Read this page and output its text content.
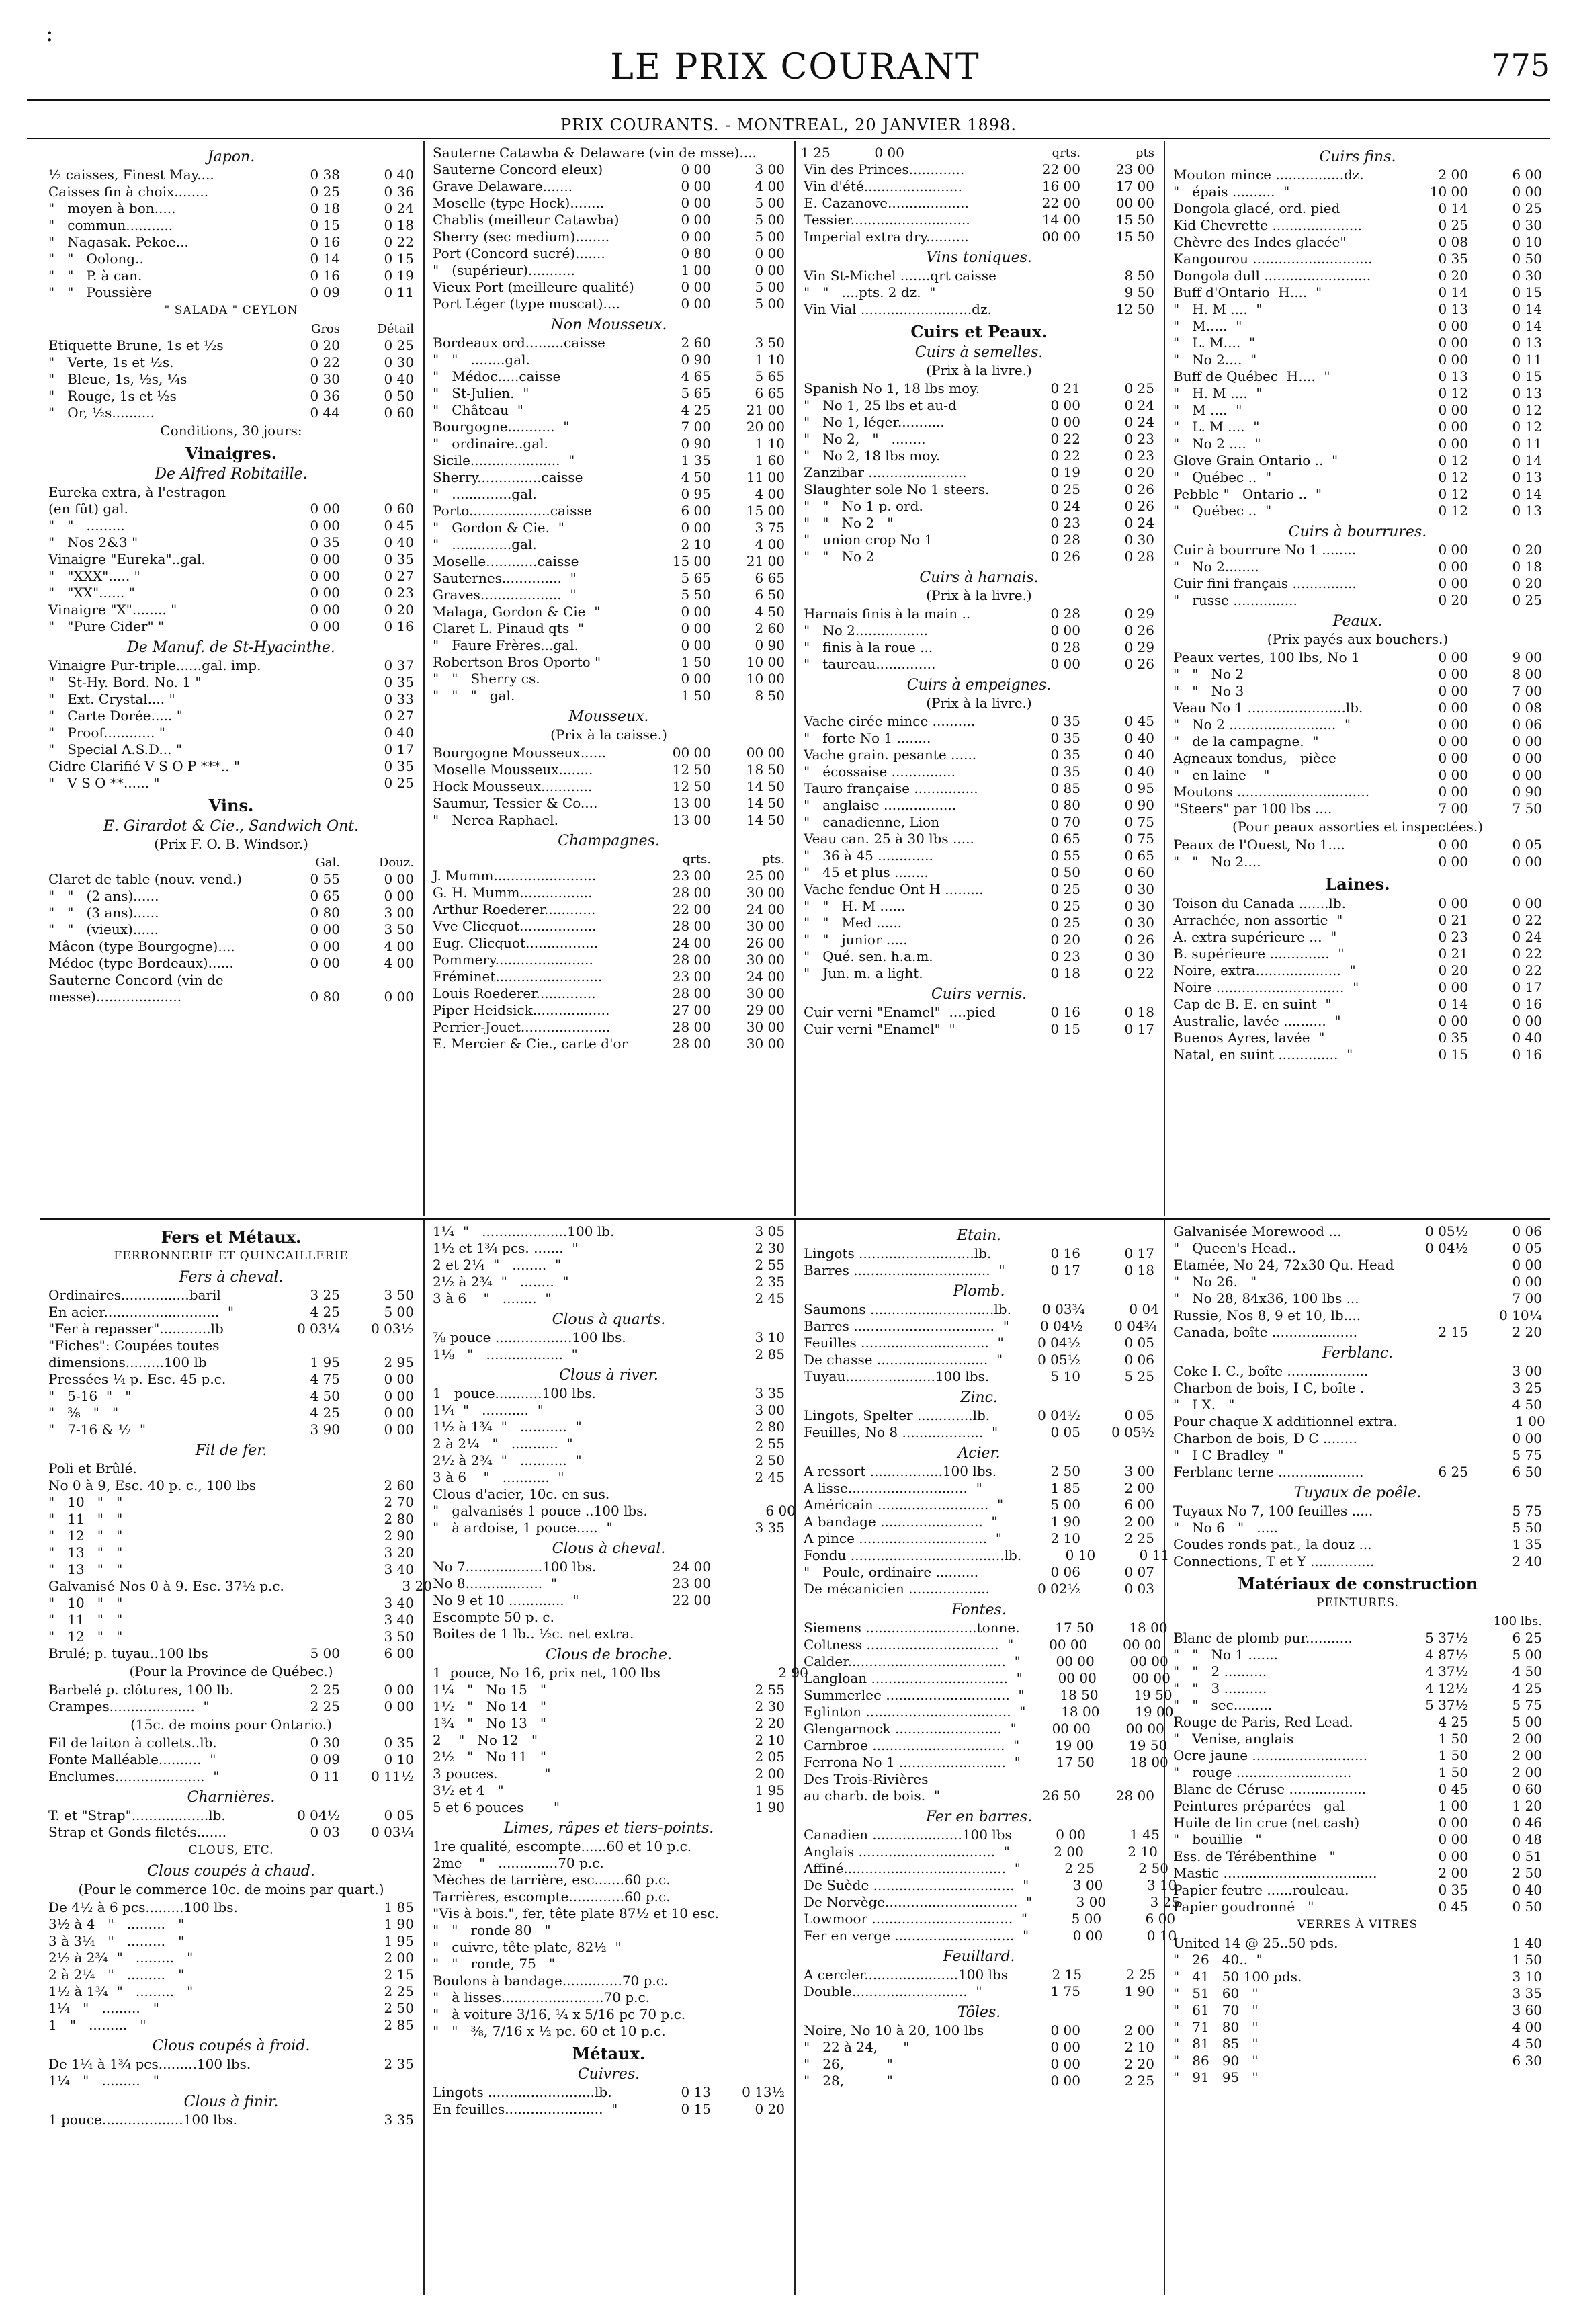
:
LE PRIX COURANT	775
PRIX COURANTS. - MONTREAL, 20 JANVIER 1898.
Japon.
½ caisses, Finest May....	0 38	0 40
Caisses fin à choix........	0 25	0 36
"   moyen à bon.....	0 18	0 24
"   commun...........	0 15	0 18
"   Nagasak. Pekoe...	0 16	0 22
"   "   Oolong..	0 14	0 15
"   "   P. à can.	0 16	0 19
"   "   Poussière	0 09	0 11
" SALADA " CEYLON
Gros	Détail
Etiquette Brune, 1s et ½s	0 20	0 25
"   Verte, 1s et ½s.	0 22	0 30
"   Bleue, 1s, ½s, ¼s	0 30	0 40
"   Rouge, 1s et ½s	0 36	0 50
"   Or, ½s..........	0 44	0 60
Conditions, 30 jours:
Vinaigres.
De Alfred Robitaille.
Eureka extra, à l'estragon
(en fût) gal.	0 00	0 60
"   "   .........	0 00	0 45
"   Nos 2&3 "	0 35	0 40
Vinaigre "Eureka"..gal.	0 00	0 35
"   "XXX"..... "	0 00	0 27
"   "XX"...... "	0 00	0 23
Vinaigre "X"........ "	0 00	0 20
"   "Pure Cider" "	0 00	0 16
De Manuf. de St-Hyacinthe.
Vinaigre Pur-triple......gal. imp.	0 37
"   St-Hy. Bord. No. 1 "	0 35
"   Ext. Crystal.... "	0 33
"   Carte Dorée..... "	0 27
"   Proof............ "	0 40
"   Special A.S.D... "	0 17
Cidre Clarifié V S O P ***.. "	0 35
"   V S O **...... "	0 25
Vins.
E. Girardot & Cie., Sandwich Ont.
(Prix F. O. B. Windsor.)
Gal.	Douz.
Claret de table (nouv. vend.)	0 55	0 00
"   "   (2 ans)......	0 65	0 00
"   "   (3 ans)......	0 80	3 00
"   "   (vieux)......	0 00	3 50
Mâcon (type Bourgogne)....	0 00	4 00
Médoc (type Bordeaux)......	0 00	4 00
Sauterne Concord (vin de
messe)....................	0 80	0 00
Sauterne Catawba & Delaware (vin de msse)....	1 25	0 00
Sauterne Concord eleux)	0 00	3 00
Grave Delaware.......	0 00	4 00
Moselle (type Hock)........	0 00	5 00
Chablis (meilleur Catawba)	0 00	5 00
Sherry (sec medium)........	0 00	5 00
Port (Concord sucré).......	0 80	0 00
"   (supérieur)...........	1 00	0 00
Vieux Port (meilleure qualité)	0 00	5 00
Port Léger (type muscat)....	0 00	5 00
Non Mousseux.
Bordeaux ord.........caisse	2 60	3 50
"   "   ........gal.	0 90	1 10
"   Médoc.....caisse	4 65	5 65
"   St-Julien.  "	5 65	6 65
"   Château  "	4 25	21 00
Bourgogne...........  "	7 00	20 00
"   ordinaire..gal.	0 90	1 10
Sicile.....................  "	1 35	1 60
Sherry...............caisse	4 50	11 00
"   ..............gal.	0 95	4 00
Porto...................caisse	6 00	15 00
"   Gordon & Cie.  "	0 00	3 75
"   ..............gal.	2 10	4 00
Moselle............caisse	15 00	21 00
Sauternes..............  "	5 65	6 65
Graves...................  "	5 50	6 50
Malaga, Gordon & Cie  "	0 00	4 50
Claret L. Pinaud qts  "	0 00	2 60
"   Faure Frères...gal.	0 00	0 90
Robertson Bros Oporto "	1 50	10 00
"   "   Sherry cs.	0 00	10 00
"   "   "   gal.	1 50	8 50
Mousseux.
(Prix à la caisse.)
Bourgogne Mousseux......	00 00	00 00
Moselle Mousseux........	12 50	18 50
Hock Mousseux............	12 50	14 50
Saumur, Tessier & Co....	13 00	14 50
"   Nerea Raphael.	13 00	14 50
Champagnes.
qrts.	pts.
J. Mumm........................	23 00	25 00
G. H. Mumm.................	28 00	30 00
Arthur Roederer............	22 00	24 00
Vve Clicquot..................	28 00	30 00
Eug. Clicquot.................	24 00	26 00
Pommery.......................	28 00	30 00
Fréminet.........................	23 00	24 00
Louis Roederer..............	28 00	30 00
Piper Heidsick..................	27 00	29 00
Perrier-Jouet.....................	28 00	30 00
E. Mercier & Cie., carte d'or	28 00	30 00
qrts.	pts
Vin des Princes.............	22 00	23 00
Vin d'été.......................	16 00	17 00
E. Cazanove...................	22 00	00 00
Tessier............................	14 00	15 50
Imperial extra dry..........	00 00	15 50
Vins toniques.
Vin St-Michel .......qrt caisse	8 50
"   "   ....pts. 2 dz.  "	9 50
Vin Vial ..........................dz.	12 50
Cuirs et Peaux.
Cuirs à semelles.
(Prix à la livre.)
Spanish No 1, 18 lbs moy.	0 21	0 25
"   No 1, 25 lbs et au-d	0 00	0 24
"   No 1, léger...........	0 00	0 24
"   No 2,   "   ........	0 22	0 23
"   No 2, 18 lbs moy.	0 22	0 23
Zanzibar .......................	0 19	0 20
Slaughter sole No 1 steers.	0 25	0 26
"   "   No 1 p. ord.	0 24	0 26
"   "   No 2   "	0 23	0 24
"   union crop No 1	0 28	0 30
"   "   No 2	0 26	0 28
Cuirs à harnais.
(Prix à la livre.)
Harnais finis à la main ..	0 28	0 29
"   No 2.................	0 00	0 26
"   finis à la roue ...	0 28	0 29
"   taureau..............	0 00	0 26
Cuirs à empeignes.
(Prix à la livre.)
Vache cirée mince ..........	0 35	0 45
"   forte No 1 ........	0 35	0 40
Vache grain. pesante ......	0 35	0 40
"   écossaise ...............	0 35	0 40
Tauro française ...............	0 85	0 95
"   anglaise .................	0 80	0 90
"   canadienne, Lion	0 70	0 75
Veau can. 25 à 30 lbs .....	0 65	0 75
"   36 à 45 .............	0 55	0 65
"   45 et plus ........	0 50	0 60
Vache fendue Ont H .........	0 25	0 30
"   "   H. M ......	0 25	0 30
"   "   Med ......	0 25	0 30
"   "   junior .....	0 20	0 26
"   Qué. sen. h.a.m.	0 23	0 30
"   Jun. m. a light.	0 18	0 22
Cuirs vernis.
Cuir verni "Enamel"  ....pied	0 16	0 18
Cuir verni "Enamel"  "	0 15	0 17
Cuirs fins.
Mouton mince ................dz.	2 00	6 00
"   épais ..........  "	10 00	0 00
Dongola glacé, ord. pied	0 14	0 25
Kid Chevrette .....................	0 25	0 30
Chèvre des Indes glacée"	0 08	0 10
Kangourou ............................	0 35	0 50
Dongola dull .........................	0 20	0 30
Buff d'Ontario  H....  "	0 14	0 15
"   H. M ....  "	0 13	0 14
"   M.....  "	0 00	0 14
"   L. M....  "	0 00	0 13
"   No 2....  "	0 00	0 11
Buff de Québec  H....  "	0 13	0 15
"   H. M ....  "	0 12	0 13
"   M ....  "	0 00	0 12
"   L. M ....  "	0 00	0 12
"   No 2 ....  "	0 00	0 11
Glove Grain Ontario ..  "	0 12	0 14
"   Québec ..  "	0 12	0 13
Pebble "   Ontario ..  "	0 12	0 14
"   Québec ..  "	0 12	0 13
Cuirs à bourrures.
Cuir à bourrure No 1 ........	0 00	0 20
"   No 2........	0 00	0 18
Cuir fini français ...............	0 00	0 20
"   russe ...............	0 20	0 25
Peaux.
(Prix payés aux bouchers.)
Peaux vertes, 100 lbs, No 1	0 00	9 00
"   "   No 2	0 00	8 00
"   "   No 3	0 00	7 00
Veau No 1 .......................lb.	0 00	0 08
"   No 2 .........................  "	0 00	0 06
"   de la campagne.  "	0 00	0 00
Agneaux tondus,   pièce	0 00	0 00
"   en laine    "	0 00	0 00
Moutons ...............................	0 00	0 90
"Steers" par 100 lbs ....	7 00	7 50
(Pour peaux assorties et inspectées.)
Peaux de l'Ouest, No 1....	0 00	0 05
"   "   No 2....	0 00	0 00
Laines.
Toison du Canada .......lb.	0 00	0 00
Arrachée, non assortie  "	0 21	0 22
A. extra supérieure ...  "	0 23	0 24
B. supérieure ..............  "	0 21	0 22
Noire, extra....................  "	0 20	0 22
Noire ..............................  "	0 00	0 17
Cap de B. E. en suint  "	0 14	0 16
Australie, lavée ..........  "	0 00	0 00
Buenos Ayres, lavée  "	0 35	0 40
Natal, en suint ..............  "	0 15	0 16
Fers et Métaux.
FERRONNERIE ET QUINCAILLERIE
Fers à cheval.
Ordinaires................baril	3 25	3 50
En acier...........................  "	4 25	5 00
"Fer à repasser"............lb	0 03¼	0 03½
"Fiches": Coupées toutes
dimensions.........100 lb	1 95	2 95
Pressées ¼ p. Esc. 45 p.c.	4 75	0 00
"   5-16  "   "	4 50	0 00
"   ⅜   "   "	4 25	0 00
"   7-16 & ½  "	3 90	0 00
Fil de fer.
Poli et Brûlé.
No 0 à 9, Esc. 40 p. c., 100 lbs	2 60
"   10   "   "	2 70
"   11   "   "	2 80
"   12   "   "	2 90
"   13   "   "	3 20
"   13   "   "	3 40
Galvanisé Nos 0 à 9. Esc. 37½ p.c.	3 20
"   10   "   "	3 40
"   11   "   "	3 40
"   12   "   "	3 50
Brulé; p. tuyau..100 lbs	5 00	6 00
(Pour la Province de Québec.)
Barbelé p. clôtures, 100 lb.	2 25	0 00
Crampes....................  "	2 25	0 00
(15c. de moins pour Ontario.)
Fil de laiton à collets..lb.	0 30	0 35
Fonte Malléable..........  "	0 09	0 10
Enclumes.....................  "	0 11	0 11½
Charnières.
T. et "Strap"..................lb.	0 04½	0 05
Strap et Gonds filetés.......	0 03	0 03¼
CLOUS, ETC.
Clous coupés à chaud.
(Pour le commerce 10c. de moins par quart.)
De 4½ à 6 pcs.........100 lbs.	1 85
3½ à 4   "   .........   "	1 90
3 à 3¼   "   .........   "	1 95
2½ à 2¾  "   .........   "	2 00
2 à 2¼   "   .........   "	2 15
1½ à 1¾  "   .........   "	2 25
1¼   "   .........   "	2 50
1   "   .........   "	2 85
Clous coupés à froid.
De 1¼ à 1¾ pcs.........100 lbs.	2 35
1¼   "   .........   "
Clous à finir.
1 pouce...................100 lbs.	3 35
1¼  "   ....................100 lb.	3 05
1½ et 1¾ pcs. .......  "	2 30
2 et 2¼  "   ........  "	2 55
2½ à 2¾  "   ........  "	2 35
3 à 6    "   ........  "	2 45
Clous à quarts.
⅞ pouce ..................100 lbs.	3 10
1⅛   "   ..................  "	2 85
Clous à river.
1   pouce...........100 lbs.	3 35
1¼  "   ...........  "	3 00
1½ à 1¾  "   ...........  "	2 80
2 à 2¼   "   ...........  "	2 55
2½ à 2¾  "   ...........  "	2 50
3 à 6    "   ...........  "	2 45
Clous d'acier, 10c. en sus.
"   galvanisés 1 pouce ..100 lbs.	6 00
"   à ardoise, 1 pouce.....  "	3 35
Clous à cheval.
No 7..................100 lbs.	24 00
No 8..................  "	23 00
No 9 et 10 .............  "	22 00
Escompte 50 p. c.
Boites de 1 lb.. ½c. net extra.
Clous de broche.
1  pouce, No 16, prix net, 100 lbs	2 90
1¼   "   No 15   "	2 55
1½   "   No 14   "	2 30
1¾   "   No 13   "	2 20
2    "   No 12   "	2 10
2½   "   No 11   "	2 05
3 pouces.           "	2 00
3½ et 4   "	1 95
5 et 6 pouces       "	1 90
Limes, râpes et tiers-points.
1re qualité, escompte......60 et 10 p.c.
2me    "   ..............70 p.c.
Mèches de tarrière, esc.......60 p.c.
Tarrières, escompte.............60 p.c.
"Vis à bois.", fer, tête plate 87½ et 10 esc.
"   "   ronde 80   "
"   cuivre, tête plate, 82½  "
"   "   ronde, 75   "
Boulons à bandage..............70 p.c.
"   à lisses........................70 p.c.
"   à voiture 3/16, ¼ x 5/16 pc 70 p.c.
"   "   ⅜, 7/16 x ½ pc. 60 et 10 p.c.
Métaux.
Cuivres.
Lingots .........................lb.	0 13	0 13½
En feuilles.......................  "	0 15	0 20
Etain.
Lingots ...........................lb.	0 16	0 17
Barres ................................  "	0 17	0 18
Plomb.
Saumons .............................lb.	0 03¾	0 04
Barres .................................  "	0 04½	0 04¾
Feuilles ..............................  "	0 04½	0 05
De chasse ..........................  "	0 05½	0 06
Tuyau.....................100 lbs.	5 10	5 25
Zinc.
Lingots, Spelter .............lb.	0 04½	0 05
Feuilles, No 8 ...................  "	0 05	0 05½
Acier.
A ressort .................100 lbs.	2 50	3 00
A lisse............................  "	1 85	2 00
Américain ..........................  "	5 00	6 00
A bandage ........................  "	1 90	2 00
A pince ..............................  "	2 10	2 25
Fondu ....................................lb.	0 10	0 11
"   Poule, ordinaire ..........	0 06	0 07
De mécanicien ...................	0 02½	0 03
Fontes.
Siemens ..........................tonne.	17 50	18 00
Coltness ...............................  "	00 00	00 00
Calder.....................................  "	00 00	00 00
Langloan ................................  "	00 00	00 00
Summerlee .............................  "	18 50	19 50
Eglinton ..................................  "	18 00	19 00
Glengarnock .........................  "	00 00	00 00
Carnbroe ...............................  "	19 00	19 50
Ferrona No 1 .........................  "	17 50	18 00
Des Trois-Rivières
au charb. de bois.  "	26 50	28 00
Fer en barres.
Canadien .....................100 lbs	0 00	1 45
Anglais ................................  "	2 00	2 10
Affiné......................................  "	2 25	2 50
De Suède .................................  "	3 00	3 10
De Norvège...............................  "	3 00	3 25
Lowmoor .................................  "	5 00	6 00
Fer en verge ............................  "	0 00	0 10
Feuillard.
A cercler......................100 lbs	2 15	2 25
Double...........................  "	1 75	1 90
Tôles.
Noire, No 10 à 20, 100 lbs	0 00	2 00
"   22 à 24,      "	0 00	2 10
"   26,          "	0 00	2 20
"   28,          "	0 00	2 25
Galvanisée Morewood ...	0 05½	0 06
"   Queen's Head..	0 04½	0 05
Etamée, No 24, 72x30 Qu. Head	0 00
"   No 26.   "	0 00
"   No 28, 84x36, 100 lbs ...	7 00
Russie, Nos 8, 9 et 10, lb....	0 10¼
Canada, boîte ....................	2 15	2 20
Ferblanc.
Coke I. C., boîte ...................	3 00
Charbon de bois, I C, boîte .	3 25
"   I X.   "	4 50
Pour chaque X additionnel extra.	1 00
Charbon de bois, D C ........	0 00
"   I C Bradley  "	5 75
Ferblanc terne ....................	6 25	6 50
Tuyaux de poêle.
Tuyaux No 7, 100 feuilles .....	5 75
"   No 6   "   .....	5 50
Coudes ronds pat., la douz ...	1 35
Connections, T et Y ...............	2 40
Matériaux de construction
PEINTURES.
100 lbs.
Blanc de plomb pur...........	5 37½	6 25
"   "   No 1 .......	4 87½	5 00
"   "   2 ..........	4 37½	4 50
"   "   3 ..........	4 12½	4 25
"   "   sec.........	5 37½	5 75
Rouge de Paris, Red Lead.	4 25	5 00
"   Venise, anglais	1 50	2 00
Ocre jaune ...........................	1 50	2 00
"   rouge ...........................	1 50	2 00
Blanc de Céruse ..................	0 45	0 60
Peintures préparées   gal	1 00	1 20
Huile de lin crue (net cash)	0 00	0 46
"   bouillie   "	0 00	0 48
Ess. de Térébenthine   "	0 00	0 51
Mastic ....................................	2 00	2 50
Papier feutre ......rouleau.	0 35	0 40
Papier goudronné   "	0 45	0 50
VERRES À VITRES
United 14 @ 25..50 pds.	1 40
"   26   40..  "	1 50
"   41   50 100 pds.	3 10
"   51   60   "	3 35
"   61   70   "	3 60
"   71   80   "	4 00
"   81   85   "	4 50
"   86   90   "	6 30
"   91   95   "
